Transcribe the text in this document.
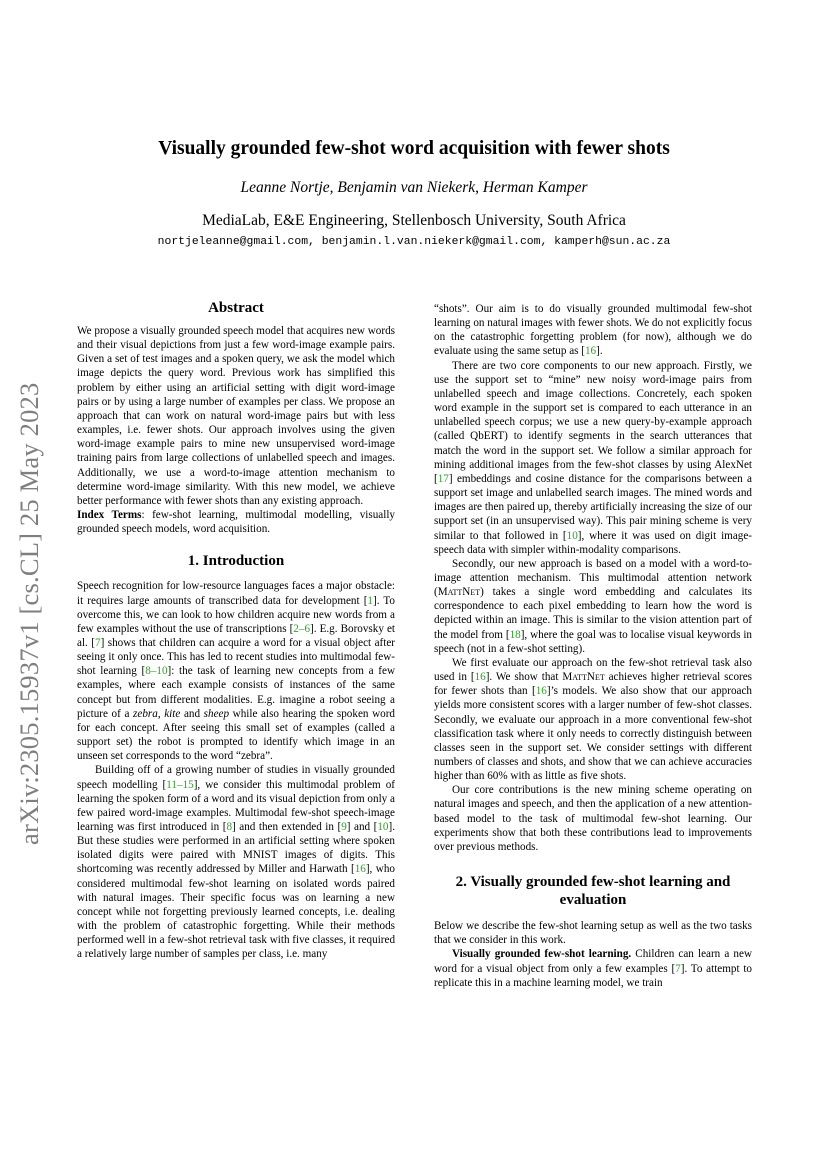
arXiv:2305.15937v1 [cs.CL] 25 May 2023
Visually grounded few-shot word acquisition with fewer shots
Leanne Nortje, Benjamin van Niekerk, Herman Kamper
MediaLab, E&E Engineering, Stellenbosch University, South Africa
nortjeleanne@gmail.com, benjamin.l.van.niekerk@gmail.com, kamperh@sun.ac.za
Abstract

We propose a visually grounded speech model that acquires new words and their visual depictions from just a few word-image example pairs. Given a set of test images and a spoken query, we ask the model which image depicts the query word. Previous work has simplified this problem by either using an artificial setting with digit word-image pairs or by using a large number of examples per class. We propose an approach that can work on natural word-image pairs but with less examples, i.e. fewer shots. Our approach involves using the given word-image example pairs to mine new unsupervised word-image training pairs from large collections of unlabelled speech and images. Additionally, we use a word-to-image attention mechanism to determine word-image similarity. With this new model, we achieve better performance with fewer shots than any existing approach.

Index Terms: few-shot learning, multimodal modelling, visually grounded speech models, word acquisition.

1. Introduction

Speech recognition for low-resource languages faces a major obstacle: it requires large amounts of transcribed data for development [1]. To overcome this, we can look to how children acquire new words from a few examples without the use of transcriptions [2–6]. E.g. Borovsky et al. [7] shows that children can acquire a word for a visual object after seeing it only once. This has led to recent studies into multimodal few-shot learning [8–10]: the task of learning new concepts from a few examples, where each example consists of instances of the same concept but from different modalities. E.g. imagine a robot seeing a picture of a zebra, kite and sheep while also hearing the spoken word for each concept. After seeing this small set of examples (called a support set) the robot is prompted to identify which image in an unseen set corresponds to the word “zebra”.

Building off of a growing number of studies in visually grounded speech modelling [11–15], we consider this multimodal problem of learning the spoken form of a word and its visual depiction from only a few paired word-image examples. Multimodal few-shot speech-image learning was first introduced in [8] and then extended in [9] and [10]. But these studies were performed in an artificial setting where spoken isolated digits were paired with MNIST images of digits. This shortcoming was recently addressed by Miller and Harwath [16], who considered multimodal few-shot learning on isolated words paired with natural images. Their specific focus was on learning a new concept while not forgetting previously learned concepts, i.e. dealing with the problem of catastrophic forgetting. While their methods performed well in a few-shot retrieval task with five classes, it required a relatively large number of samples per class, i.e. many

“shots”. Our aim is to do visually grounded multimodal few-shot learning on natural images with fewer shots. We do not explicitly focus on the catastrophic forgetting problem (for now), although we do evaluate using the same setup as [16].

There are two core components to our new approach. Firstly, we use the support set to “mine” new noisy word-image pairs from unlabelled speech and image collections. Concretely, each spoken word example in the support set is compared to each utterance in an unlabelled speech corpus; we use a new query-by-example approach (called QbERT) to identify segments in the search utterances that match the word in the support set. We follow a similar approach for mining additional images from the few-shot classes by using AlexNet [17] embeddings and cosine distance for the comparisons between a support set image and unlabelled search images. The mined words and images are then paired up, thereby artificially increasing the size of our support set (in an unsupervised way). This pair mining scheme is very similar to that followed in [10], where it was used on digit image-speech data with simpler within-modality comparisons.

Secondly, our new approach is based on a model with a word-to-image attention mechanism. This multimodal attention network (MattNet) takes a single word embedding and calculates its correspondence to each pixel embedding to learn how the word is depicted within an image. This is similar to the vision attention part of the model from [18], where the goal was to localise visual keywords in speech (not in a few-shot setting).

We first evaluate our approach on the few-shot retrieval task also used in [16]. We show that MattNet achieves higher retrieval scores for fewer shots than [16]’s models. We also show that our approach yields more consistent scores with a larger number of few-shot classes. Secondly, we evaluate our approach in a more conventional few-shot classification task where it only needs to correctly distinguish between classes seen in the support set. We consider settings with different numbers of classes and shots, and show that we can achieve accuracies higher than 60% with as little as five shots.

Our core contributions is the new mining scheme operating on natural images and speech, and then the application of a new attention-based model to the task of multimodal few-shot learning. Our experiments show that both these contributions lead to improvements over previous methods.

2. Visually grounded few-shot learning and
evaluation

Below we describe the few-shot learning setup as well as the two tasks that we consider in this work.

Visually grounded few-shot learning. Children can learn a new word for a visual object from only a few examples [7]. To attempt to replicate this in a machine learning model, we train
